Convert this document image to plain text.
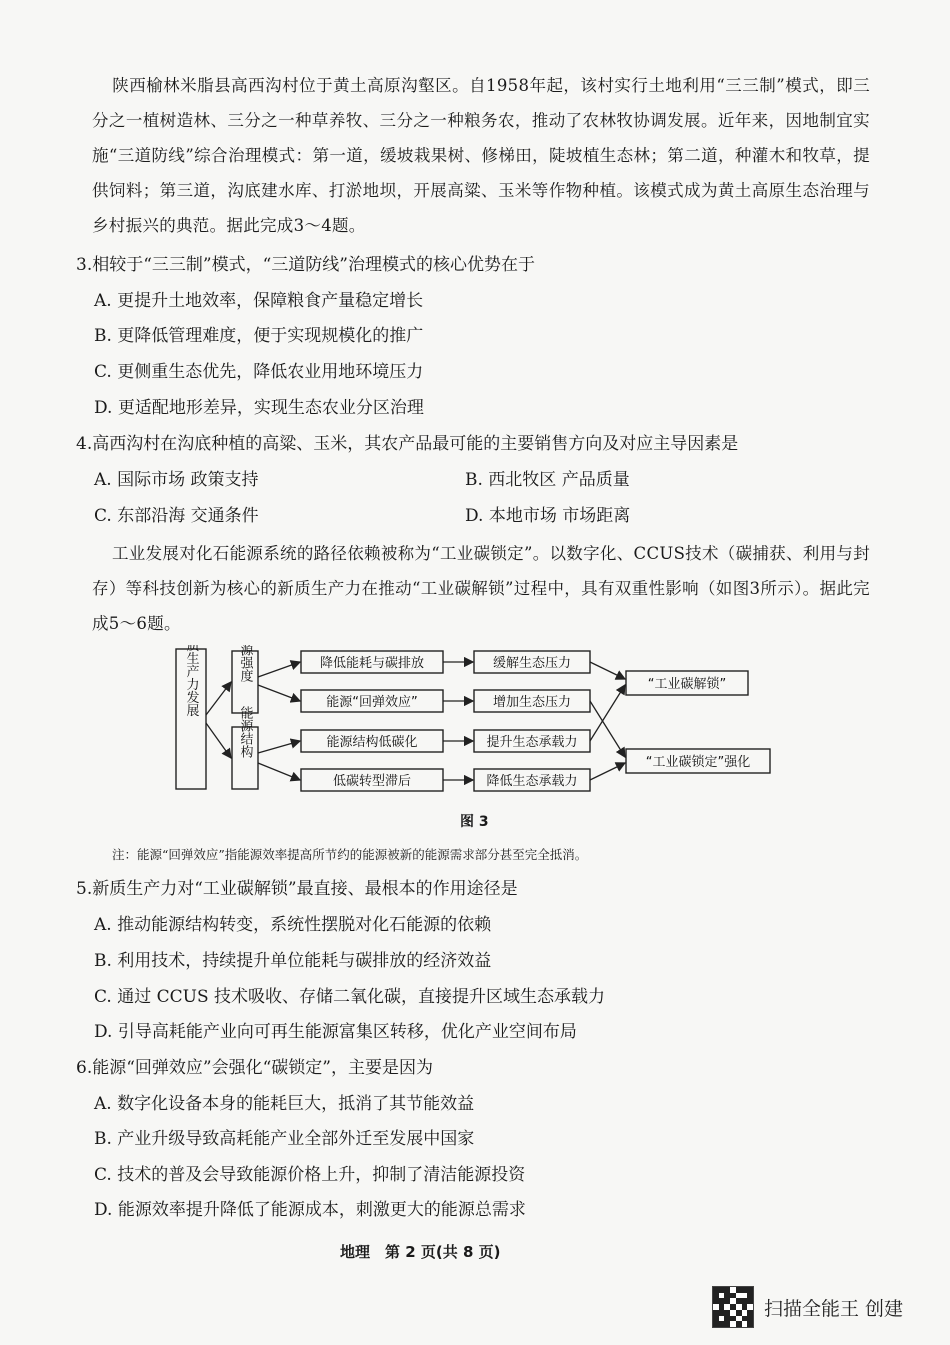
陕西榆林米脂县高西沟村位于黄土高原沟壑区。自1958年起，该村实行土地利用“三三制”模式，即三分之一植树造林、三分之一种草养牧、三分之一种粮务农，推动了农林牧协调发展。近年来，因地制宜实施“三道防线”综合治理模式：第一道，缓坡栽果树、修梯田，陡坡植生态林；第二道，种灌木和牧草，提供饲料；第三道，沟底建水库、打淤地坝，开展高粱、玉米等作物种植。该模式成为黄土高原生态治理与乡村振兴的典范。据此完成3～4题。
3.相较于“三三制”模式，“三道防线”治理模式的核心优势在于
A. 更提升土地效率，保障粮食产量稳定增长
B. 更降低管理难度，便于实现规模化的推广
C. 更侧重生态优先，降低农业用地环境压力
D. 更适配地形差异，实现生态农业分区治理
4.高西沟村在沟底种植的高粱、玉米，其农产品最可能的主要销售方向及对应主导因素是
A. 国际市场 政策支持	B. 西北牧区 产品质量
C. 东部沿海 交通条件	D. 本地市场 市场距离
工业发展对化石能源系统的路径依赖被称为“工业碳锁定”。以数字化、CCUS技术（碳捕获、利用与封存）等科技创新为核心的新质生产力在推动“工业碳解锁”过程中，具有双重性影响（如图3所示）。据此完成5～6题。
新质生产力发展	能源强度
能源结构
降低能耗与碳排放
能源“回弹效应”
能源结构低碳化
低碳转型滞后
缓解生态压力
增加生态压力
提升生态承载力
降低生态承载力
“工业碳解锁”
“工业碳锁定”强化
图 3
注：能源“回弹效应”指能源效率提高所节约的能源被新的能源需求部分甚至完全抵消。
5.新质生产力对“工业碳解锁”最直接、最根本的作用途径是
A. 推动能源结构转变，系统性摆脱对化石能源的依赖
B. 利用技术，持续提升单位能耗与碳排放的经济效益
C. 通过 CCUS 技术吸收、存储二氧化碳，直接提升区域生态承载力
D. 引导高耗能产业向可再生能源富集区转移，优化产业空间布局
6.能源“回弹效应”会强化“碳锁定”，主要是因为
A. 数字化设备本身的能耗巨大，抵消了其节能效益
B. 产业升级导致高耗能产业全部外迁至发展中国家
C. 技术的普及会导致能源价格上升，抑制了清洁能源投资
D. 能源效率提升降低了能源成本，刺激更大的能源总需求
地理　第 2 页(共 8 页)
扫描全能王 创建
